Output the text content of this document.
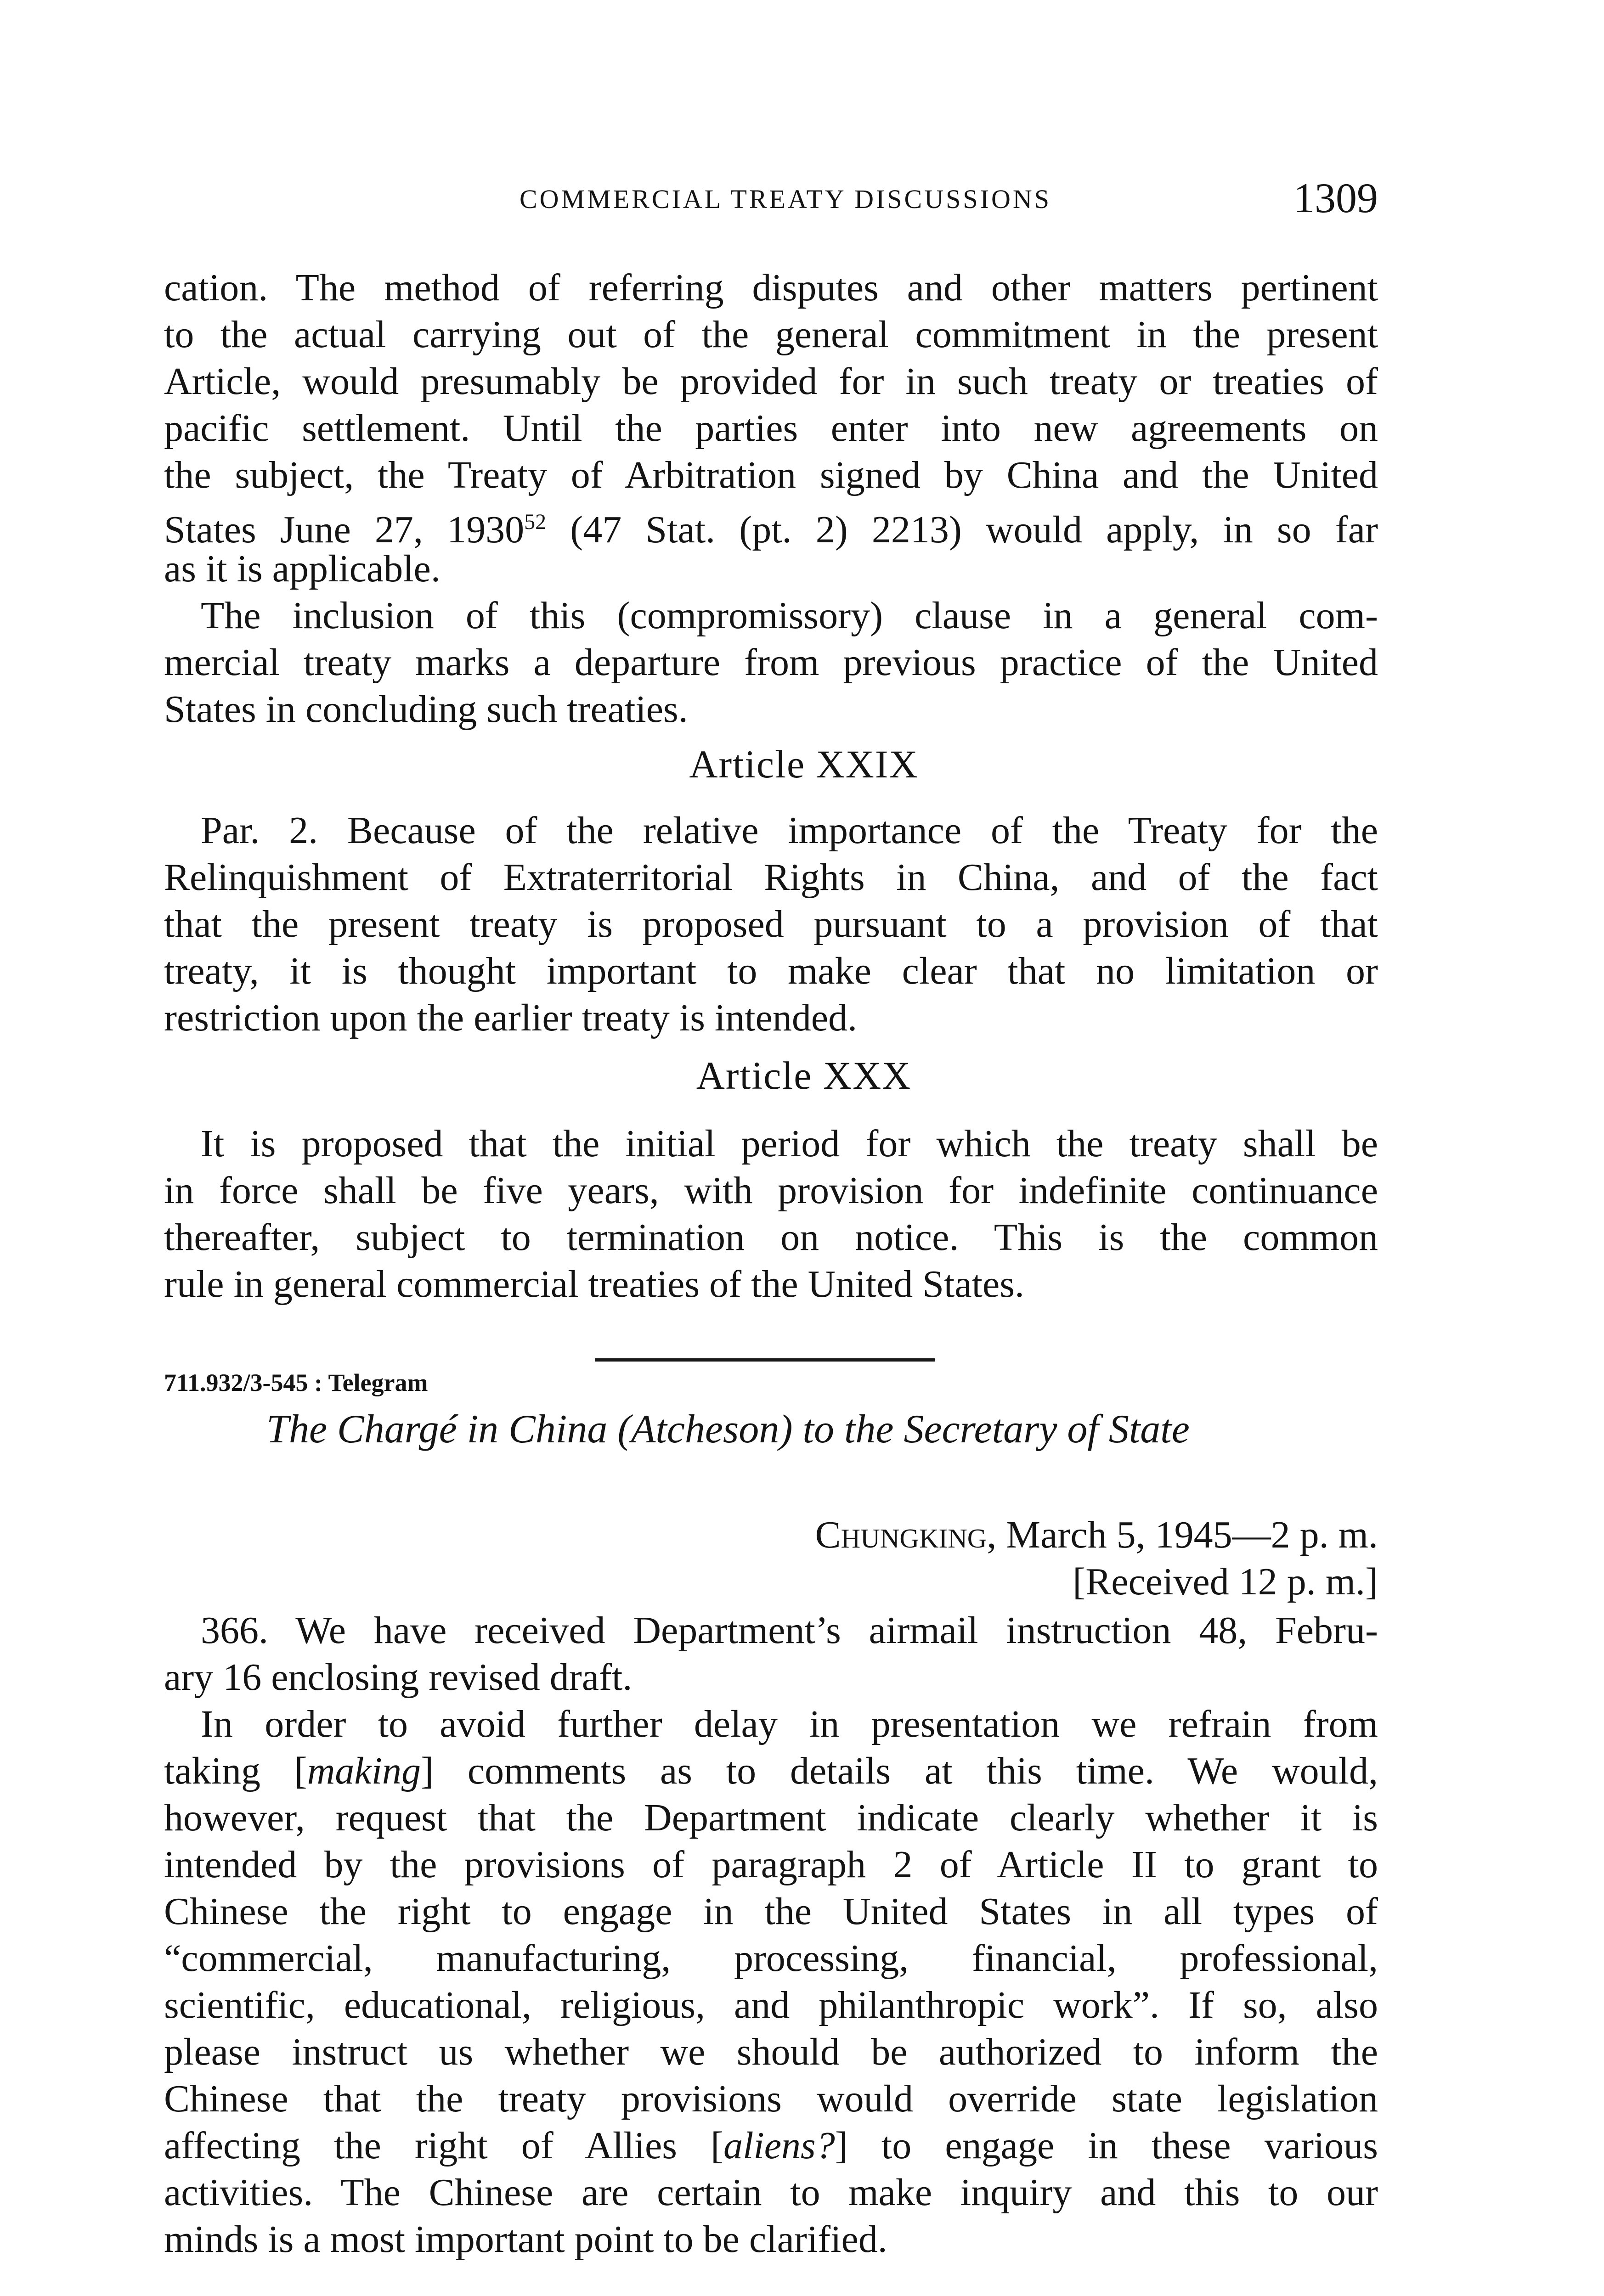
COMMERCIAL TREATY DISCUSSIONS	1309
cation. The method of referring disputes and other matters pertinent
to the actual carrying out of the general commitment in the present
Article, would presumably be provided for in such treaty or treaties of
pacific settlement. Until the parties enter into new agreements on
the subject, the Treaty of Arbitration signed by China and the United
States June 27, 1930$^{52}$ (47 Stat. (pt. 2) 2213) would apply, in so far
as it is applicable.
The inclusion of this (compromissory) clause in a general com-
mercial treaty marks a departure from previous practice of the United
States in concluding such treaties.
Article XXIX
Par. 2. Because of the relative importance of the Treaty for the
Relinquishment of Extraterritorial Rights in China, and of the fact
that the present treaty is proposed pursuant to a provision of that
treaty, it is thought important to make clear that no limitation or
restriction upon the earlier treaty is intended.
Article XXX
It is proposed that the initial period for which the treaty shall be
in force shall be five years, with provision for indefinite continuance
thereafter, subject to termination on notice. This is the common
rule in general commercial treaties of the United States.
711.932/3-545 : Telegram
The Chargé in China (Atcheson) to the Secretary of State
Chungking, March 5, 1945—2 p. m.
[Received 12 p. m.]
366. We have received Department’s airmail instruction 48, Febru-
ary 16 enclosing revised draft.
In order to avoid further delay in presentation we refrain from
taking [making] comments as to details at this time. We would,
however, request that the Department indicate clearly whether it is
intended by the provisions of paragraph 2 of Article II to grant to
Chinese the right to engage in the United States in all types of
“commercial, manufacturing, processing, financial, professional,
scientific, educational, religious, and philanthropic work”. If so, also
please instruct us whether we should be authorized to inform the
Chinese that the treaty provisions would override state legislation
affecting the right of Allies [aliens?] to engage in these various
activities. The Chinese are certain to make inquiry and this to our
minds is a most important point to be clarified.
